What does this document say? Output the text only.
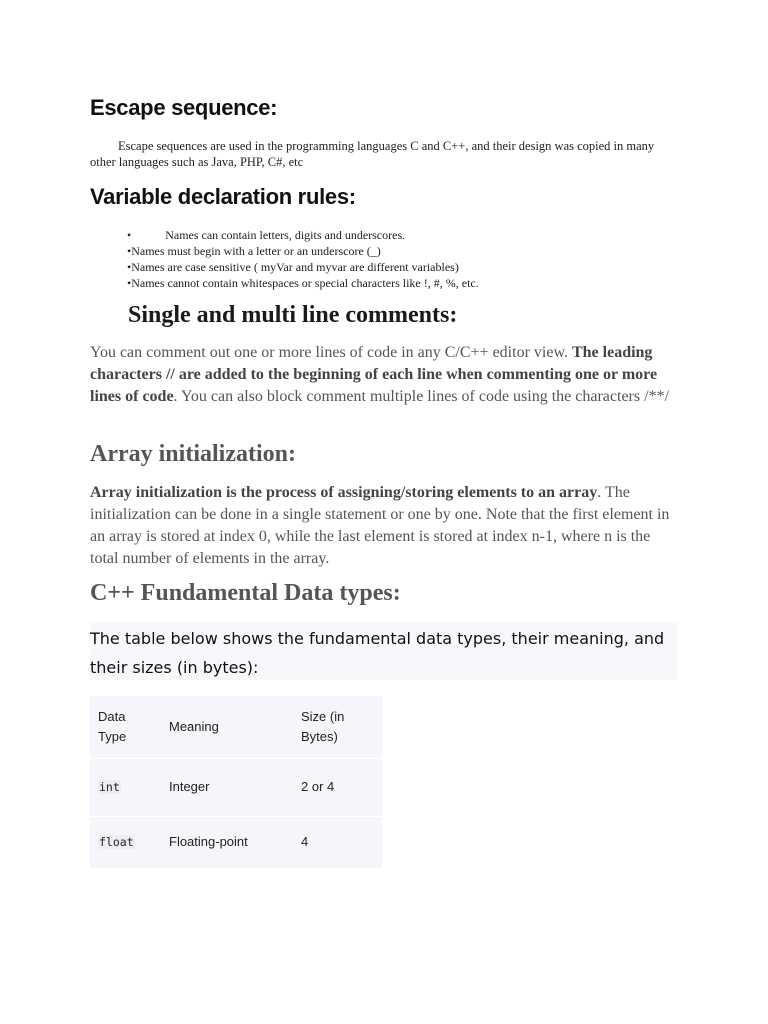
Escape sequence:
Escape sequences are used in the programming languages C and C++, and their design was copied in many other languages such as Java, PHP, C#, etc
Variable declaration rules:
•	Names can contain letters, digits and underscores.
•Names must begin with a letter or an underscore (_)
•Names are case sensitive ( myVar and myvar are different variables)
•Names cannot contain whitespaces or special characters like !, #, %, etc.
Single and multi line comments:
You can comment out one or more lines of code in any C/C++ editor view. The leading characters // are added to the beginning of each line when commenting one or more lines of code. You can also block comment multiple lines of code using the characters /**/
Array initialization:
Array initialization is the process of assigning/storing elements to an array. The initialization can be done in a single statement or one by one. Note that the first element in an array is stored at index 0, while the last element is stored at index n-1, where n is the total number of elements in the array.
C++ Fundamental Data types:
The table below shows the fundamental data types, their meaning, and their sizes (in bytes):
Data Type	Meaning	Size (in Bytes)
int	Integer	2 or 4
float	Floating-point	4
